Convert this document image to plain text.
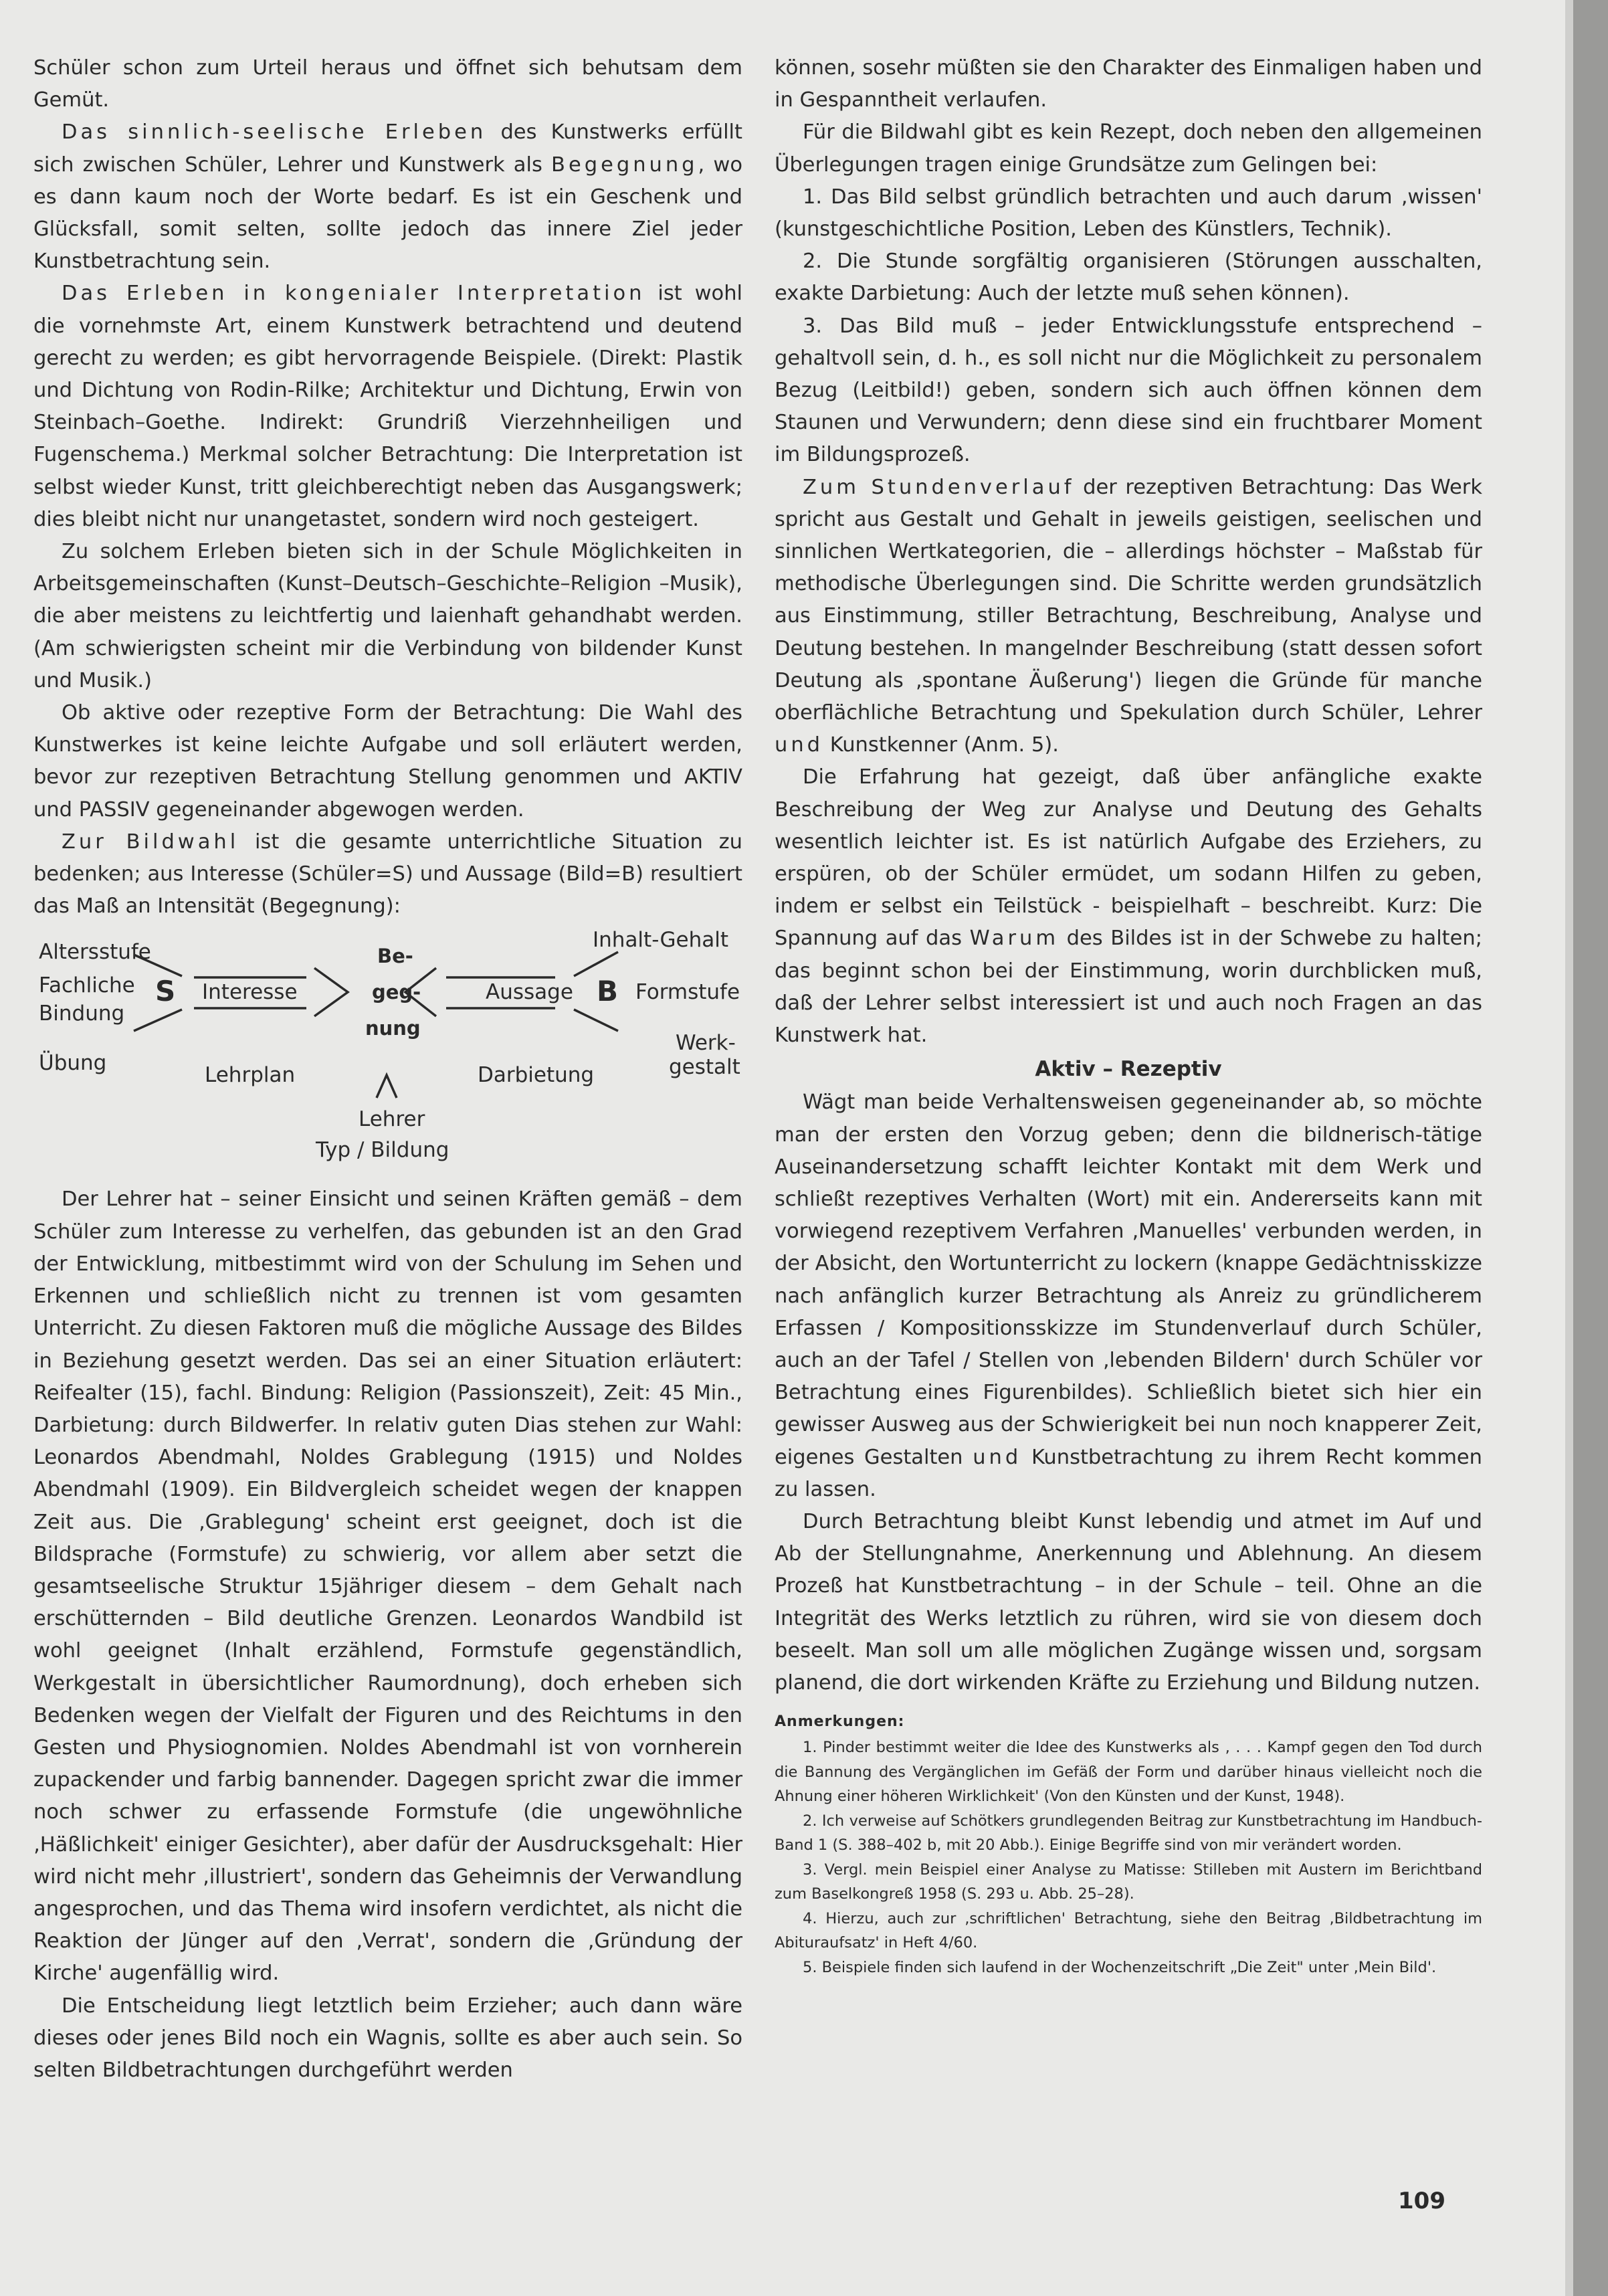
Schüler schon zum Urteil heraus und öffnet sich behutsam dem Gemüt.

Das sinnlich-seelische Erleben des Kunstwerks erfüllt sich zwischen Schüler, Lehrer und Kunstwerk als Begegnung, wo es dann kaum noch der Worte bedarf. Es ist ein Geschenk und Glücksfall, somit selten, sollte jedoch das innere Ziel jeder Kunstbetrachtung sein.

Das Erleben in kongenialer Interpretation ist wohl die vornehmste Art, einem Kunstwerk betrachtend und deutend gerecht zu werden; es gibt hervorragende Beispiele. (Direkt: Plastik und Dichtung von Rodin-Rilke; Architektur und Dichtung, Erwin von Steinbach–Goethe. Indirekt: Grundriß Vierzehnheiligen und Fugenschema.) Merkmal solcher Betrachtung: Die Interpretation ist selbst wieder Kunst, tritt gleichberechtigt neben das Ausgangswerk; dies bleibt nicht nur unangetastet, sondern wird noch gesteigert.

Zu solchem Erleben bieten sich in der Schule Möglichkeiten in Arbeitsgemeinschaften (Kunst–Deutsch–Geschichte–Religion –Musik), die aber meistens zu leichtfertig und laienhaft gehandhabt werden. (Am schwierigsten scheint mir die Verbindung von bildender Kunst und Musik.)

Ob aktive oder rezeptive Form der Betrachtung: Die Wahl des Kunstwerkes ist keine leichte Aufgabe und soll erläutert werden, bevor zur rezeptiven Betrachtung Stellung genommen und AKTIV und PASSIV gegeneinander abgewogen werden.

Zur Bildwahl ist die gesamte unterrichtliche Situation zu bedenken; aus Interesse (Schüler=S) und Aussage (Bild=B) resultiert das Maß an Intensität (Begegnung):

Altersstufe
Fachliche
Bindung
Übung
S Interesse
Lehrplan
Be-
geg-
nung
Lehrer
Typ / Bildung
Darbietung
Aussage B
Inhalt-Gehalt
Formstufe
Werk-
gestalt

Der Lehrer hat – seiner Einsicht und seinen Kräften gemäß – dem Schüler zum Interesse zu verhelfen, das gebunden ist an den Grad der Entwicklung, mitbestimmt wird von der Schulung im Sehen und Erkennen und schließlich nicht zu trennen ist vom gesamten Unterricht. Zu diesen Faktoren muß die mögliche Aussage des Bildes in Beziehung gesetzt werden. Das sei an einer Situation erläutert: Reifealter (15), fachl. Bindung: Religion (Passionszeit), Zeit: 45 Min., Darbietung: durch Bildwerfer. In relativ guten Dias stehen zur Wahl: Leonardos Abendmahl, Noldes Grablegung (1915) und Noldes Abendmahl (1909). Ein Bildvergleich scheidet wegen der knappen Zeit aus. Die ‚Grablegung' scheint erst geeignet, doch ist die Bildsprache (Formstufe) zu schwierig, vor allem aber setzt die gesamtseelische Struktur 15jähriger diesem – dem Gehalt nach erschütternden – Bild deutliche Grenzen. Leonardos Wandbild ist wohl geeignet (Inhalt erzählend, Formstufe gegenständlich, Werkgestalt in übersichtlicher Raumordnung), doch erheben sich Bedenken wegen der Vielfalt der Figuren und des Reichtums in den Gesten und Physiognomien. Noldes Abendmahl ist von vornherein zupackender und farbig bannender. Dagegen spricht zwar die immer noch schwer zu erfassende Formstufe (die ungewöhnliche ‚Häßlichkeit' einiger Gesichter), aber dafür der Ausdrucksgehalt: Hier wird nicht mehr ‚illustriert', sondern das Geheimnis der Verwandlung angesprochen, und das Thema wird insofern verdichtet, als nicht die Reaktion der Jünger auf den ‚Verrat', sondern die ‚Gründung der Kirche' augenfällig wird.

Die Entscheidung liegt letztlich beim Erzieher; auch dann wäre dieses oder jenes Bild noch ein Wagnis, sollte es aber auch sein. So selten Bildbetrachtungen durchgeführt werden

können, sosehr müßten sie den Charakter des Einmaligen haben und in Gespanntheit verlaufen.

Für die Bildwahl gibt es kein Rezept, doch neben den allgemeinen Überlegungen tragen einige Grundsätze zum Gelingen bei:

1. Das Bild selbst gründlich betrachten und auch darum ‚wissen' (kunstgeschichtliche Position, Leben des Künstlers, Technik).

2. Die Stunde sorgfältig organisieren (Störungen ausschalten, exakte Darbietung: Auch der letzte muß sehen können).

3. Das Bild muß – jeder Entwicklungsstufe entsprechend – gehaltvoll sein, d. h., es soll nicht nur die Möglichkeit zu personalem Bezug (Leitbild!) geben, sondern sich auch öffnen können dem Staunen und Verwundern; denn diese sind ein fruchtbarer Moment im Bildungsprozeß.

Zum Stundenverlauf der rezeptiven Betrachtung: Das Werk spricht aus Gestalt und Gehalt in jeweils geistigen, seelischen und sinnlichen Wertkategorien, die – allerdings höchster – Maßstab für methodische Überlegungen sind. Die Schritte werden grundsätzlich aus Einstimmung, stiller Betrachtung, Beschreibung, Analyse und Deutung bestehen. In mangelnder Beschreibung (statt dessen sofort Deutung als ‚spontane Äußerung') liegen die Gründe für manche oberflächliche Betrachtung und Spekulation durch Schüler, Lehrer und Kunstkenner (Anm. 5).

Die Erfahrung hat gezeigt, daß über anfängliche exakte Beschreibung der Weg zur Analyse und Deutung des Gehalts wesentlich leichter ist. Es ist natürlich Aufgabe des Erziehers, zu erspüren, ob der Schüler ermüdet, um sodann Hilfen zu geben, indem er selbst ein Teilstück - beispielhaft – beschreibt. Kurz: Die Spannung auf das Warum des Bildes ist in der Schwebe zu halten; das beginnt schon bei der Einstimmung, worin durchblicken muß, daß der Lehrer selbst interessiert ist und auch noch Fragen an das Kunstwerk hat.

Aktiv – Rezeptiv

Wägt man beide Verhaltensweisen gegeneinander ab, so möchte man der ersten den Vorzug geben; denn die bildnerisch-tätige Auseinandersetzung schafft leichter Kontakt mit dem Werk und schließt rezeptives Verhalten (Wort) mit ein. Andererseits kann mit vorwiegend rezeptivem Verfahren ‚Manuelles' verbunden werden, in der Absicht, den Wortunterricht zu lockern (knappe Gedächtnisskizze nach anfänglich kurzer Betrachtung als Anreiz zu gründlicherem Erfassen / Kompositionsskizze im Stundenverlauf durch Schüler, auch an der Tafel / Stellen von ‚lebenden Bildern' durch Schüler vor Betrachtung eines Figurenbildes). Schließlich bietet sich hier ein gewisser Ausweg aus der Schwierigkeit bei nun noch knapperer Zeit, eigenes Gestalten und Kunstbetrachtung zu ihrem Recht kommen zu lassen.

Durch Betrachtung bleibt Kunst lebendig und atmet im Auf und Ab der Stellungnahme, Anerkennung und Ablehnung. An diesem Prozeß hat Kunstbetrachtung – in der Schule – teil. Ohne an die Integrität des Werks letztlich zu rühren, wird sie von diesem doch beseelt. Man soll um alle möglichen Zugänge wissen und, sorgsam planend, die dort wirkenden Kräfte zu Erziehung und Bildung nutzen.

Anmerkungen:
1. Pinder bestimmt weiter die Idee des Kunstwerks als ‚ . . . Kampf gegen den Tod durch die Bannung des Vergänglichen im Gefäß der Form und darüber hinaus vielleicht noch die Ahnung einer höheren Wirklichkeit' (Von den Künsten und der Kunst, 1948).
2. Ich verweise auf Schötkers grundlegenden Beitrag zur Kunstbetrachtung im Handbuch-Band 1 (S. 388–402 b, mit 20 Abb.). Einige Begriffe sind von mir verändert worden.
3. Vergl. mein Beispiel einer Analyse zu Matisse: Stilleben mit Austern im Berichtband zum Baselkongreß 1958 (S. 293 u. Abb. 25–28).
4. Hierzu, auch zur ‚schriftlichen' Betrachtung, siehe den Beitrag ‚Bildbetrachtung im Abituraufsatz' in Heft 4/60.
5. Beispiele finden sich laufend in der Wochenzeitschrift „Die Zeit" unter ‚Mein Bild'.
109
